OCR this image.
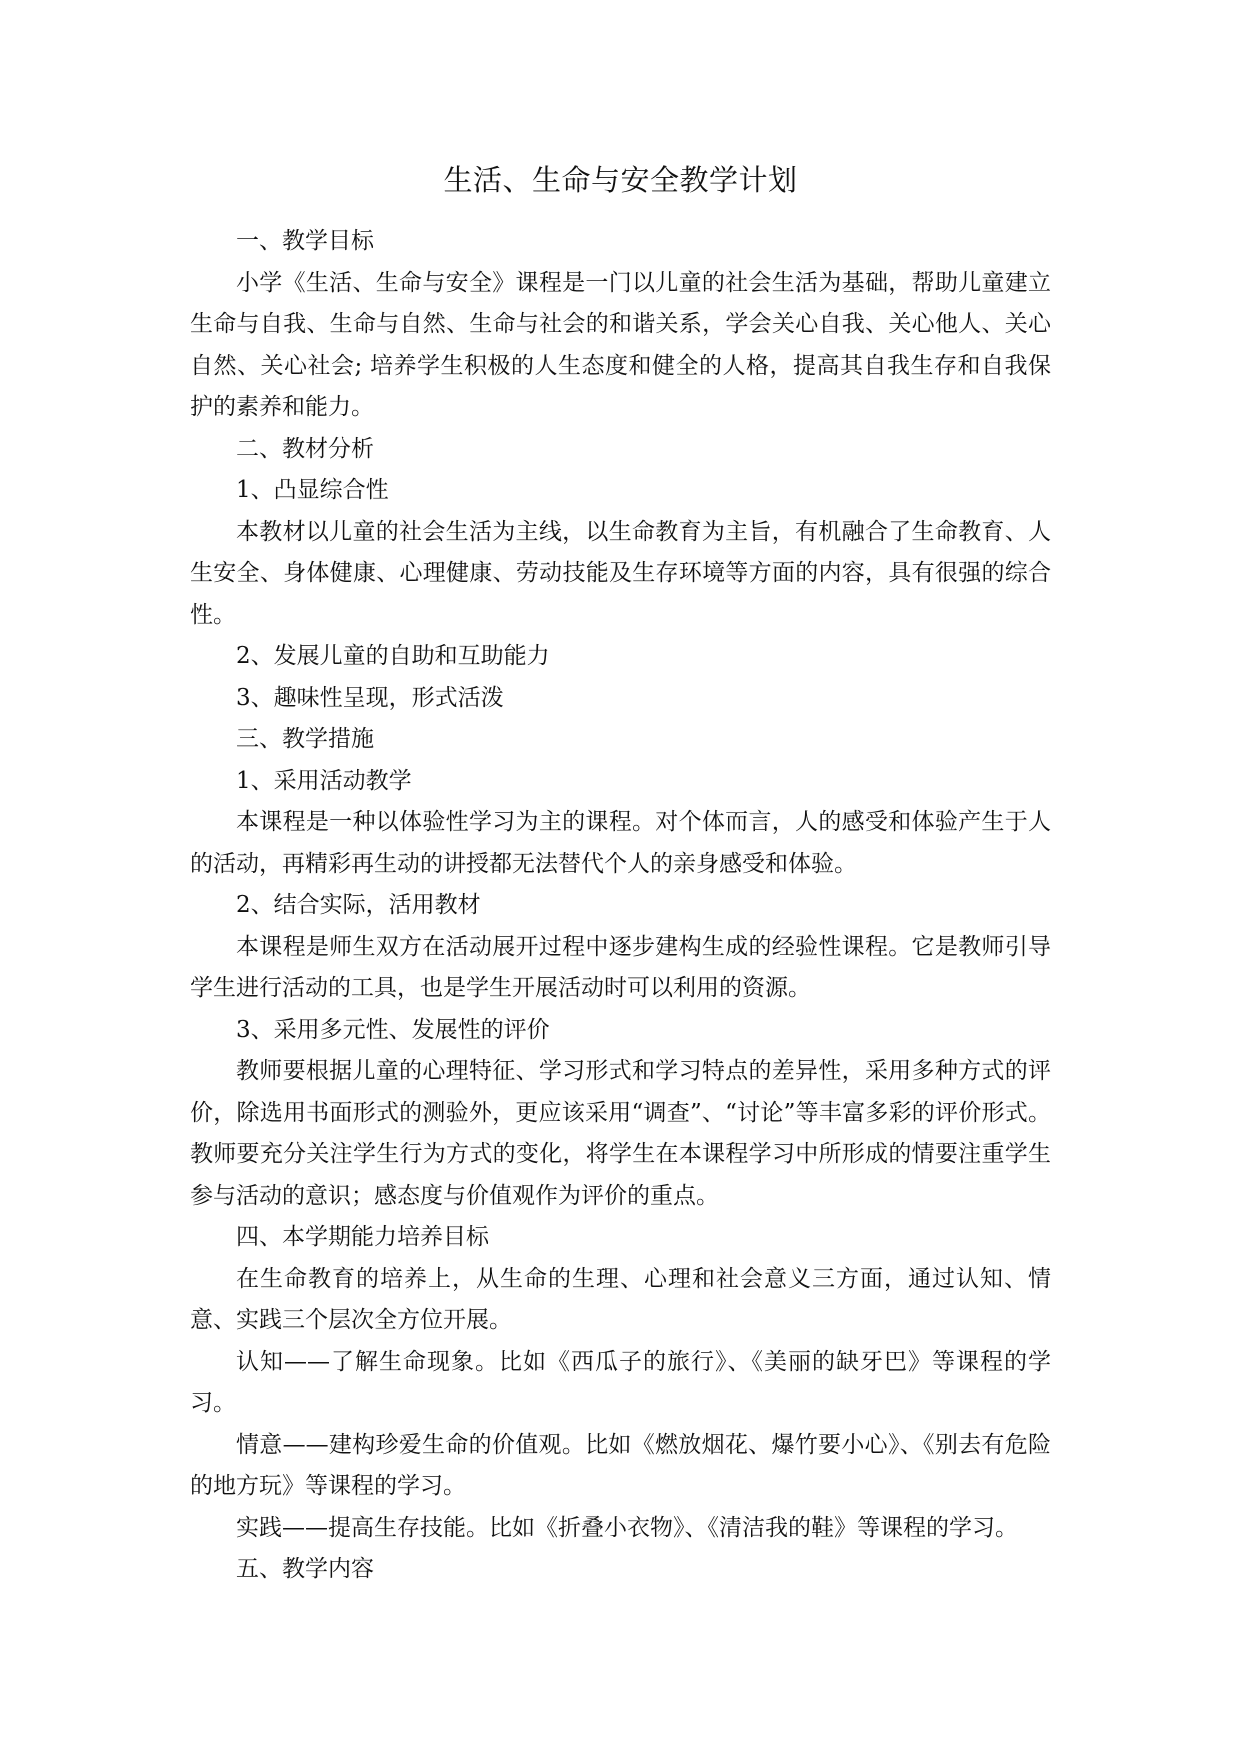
生活、生命与安全教学计划

一、教学目标

小学《生活、生命与安全》课程是一门以儿童的社会生活为基础，帮助儿童建立生命与自我、生命与自然、生命与社会的和谐关系，学会关心自我、关心他人、关心自然、关心社会; 培养学生积极的人生态度和健全的人格，提高其自我生存和自我保护的素养和能力。

二、教材分析

1、凸显综合性

本教材以儿童的社会生活为主线，以生命教育为主旨，有机融合了生命教育、人生安全、身体健康、心理健康、劳动技能及生存环境等方面的内容，具有很强的综合性。

2、发展儿童的自助和互助能力

3、趣味性呈现，形式活泼

三、教学措施

1、采用活动教学

本课程是一种以体验性学习为主的课程。对个体而言，人的感受和体验产生于人的活动，再精彩再生动的讲授都无法替代个人的亲身感受和体验。

2、结合实际，活用教材

本课程是师生双方在活动展开过程中逐步建构生成的经验性课程。它是教师引导学生进行活动的工具，也是学生开展活动时可以利用的资源。

3、采用多元性、发展性的评价

教师要根据儿童的心理特征、学习形式和学习特点的差异性，采用多种方式的评价，除选用书面形式的测验外，更应该采用“调查”、“讨论”等丰富多彩的评价形式。教师要充分关注学生行为方式的变化，将学生在本课程学习中所形成的情要注重学生参与活动的意识；感态度与价值观作为评价的重点。

四、本学期能力培养目标

在生命教育的培养上，从生命的生理、心理和社会意义三方面，通过认知、情意、实践三个层次全方位开展。

认知——了解生命现象。比如《西瓜子的旅行》、《美丽的缺牙巴》等课程的学习。

情意——建构珍爱生命的价值观。比如《燃放烟花、爆竹要小心》、《别去有危险的地方玩》等课程的学习。

实践——提高生存技能。比如《折叠小衣物》、《清洁我的鞋》等课程的学习。

五、教学内容
